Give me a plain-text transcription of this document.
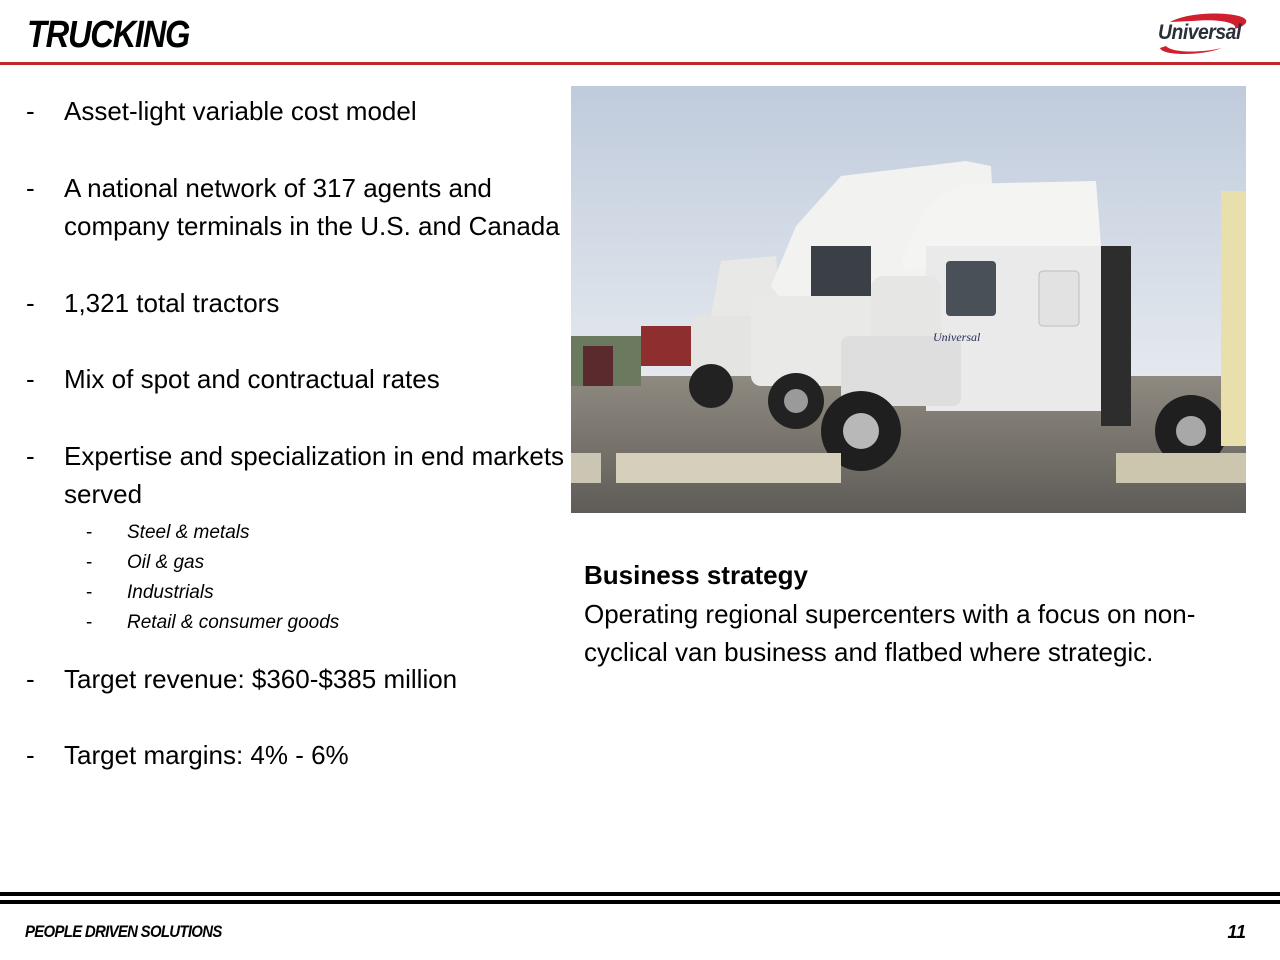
TRUCKING	Universal
-	Asset-light variable cost model
-	A national network of 317 agents and company terminals in the U.S. and Canada
-	1,321 total tractors
-	Mix of spot and contractual rates
-	Expertise and specialization in end markets served
-	Steel & metals
-	Oil & gas
-	Industrials
-	Retail & consumer goods
-	Target revenue: $360-$385 million
-	Target margins: 4% - 6%
Universal
Business strategy
Operating regional supercenters with a focus on non-cyclical van business and flatbed where strategic.
PEOPLE DRIVEN SOLUTIONS	11
